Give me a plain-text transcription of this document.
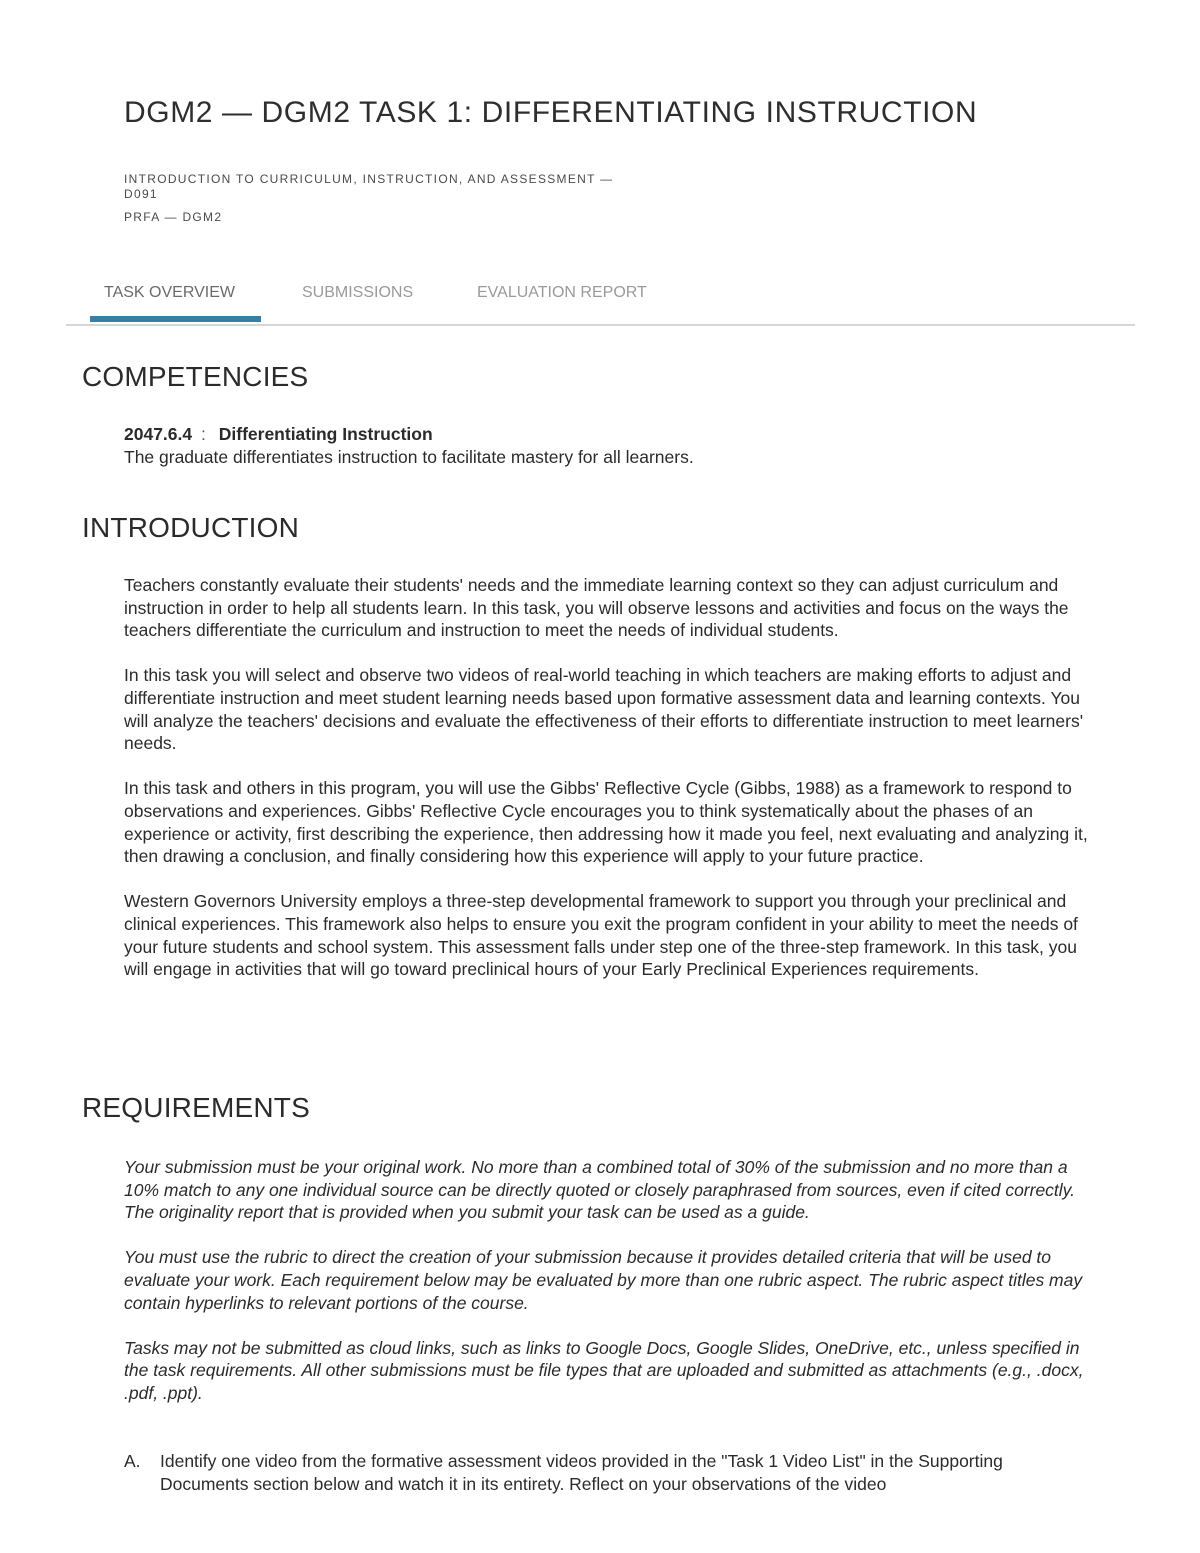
DGM2 — DGM2 TASK 1: DIFFERENTIATING INSTRUCTION
INTRODUCTION TO CURRICULUM, INSTRUCTION, AND ASSESSMENT —
D091
PRFA — DGM2
TASK OVERVIEW	SUBMISSIONS	EVALUATION REPORT
COMPETENCIES
2047.6.4 : Differentiating Instruction
The graduate differentiates instruction to facilitate mastery for all learners.
INTRODUCTION

Teachers constantly evaluate their students' needs and the immediate learning context so they can adjust curriculum and instruction in order to help all students learn. In this task, you will observe lessons and activities and focus on the ways the teachers differentiate the curriculum and instruction to meet the needs of individual students.

In this task you will select and observe two videos of real-world teaching in which teachers are making efforts to adjust and differentiate instruction and meet student learning needs based upon formative assessment data and learning contexts. You will analyze the teachers' decisions and evaluate the effectiveness of their efforts to differentiate instruction to meet learners' needs.

In this task and others in this program, you will use the Gibbs' Reflective Cycle (Gibbs, 1988) as a framework to respond to observations and experiences. Gibbs' Reflective Cycle encourages you to think systematically about the phases of an experience or activity, first describing the experience, then addressing how it made you feel, next evaluating and analyzing it, then drawing a conclusion, and finally considering how this experience will apply to your future practice.

Western Governors University employs a three-step developmental framework to support you through your preclinical and clinical experiences. This framework also helps to ensure you exit the program confident in your ability to meet the needs of your future students and school system. This assessment falls under step one of the three-step framework. In this task, you will engage in activities that will go toward preclinical hours of your Early Preclinical Experiences requirements.

REQUIREMENTS

Your submission must be your original work. No more than a combined total of 30% of the submission and no more than a 10% match to any one individual source can be directly quoted or closely paraphrased from sources, even if cited correctly. The originality report that is provided when you submit your task can be used as a guide.

You must use the rubric to direct the creation of your submission because it provides detailed criteria that will be used to evaluate your work. Each requirement below may be evaluated by more than one rubric aspect. The rubric aspect titles may contain hyperlinks to relevant portions of the course.

Tasks may not be submitted as cloud links, such as links to Google Docs, Google Slides, OneDrive, etc., unless specified in the task requirements. All other submissions must be file types that are uploaded and submitted as attachments (e.g., .docx, .pdf, .ppt).

A.	Identify one video from the formative assessment videos provided in the "Task 1 Video List" in the Supporting Documents section below and watch it in its entirety. Reflect on your observations of the video
